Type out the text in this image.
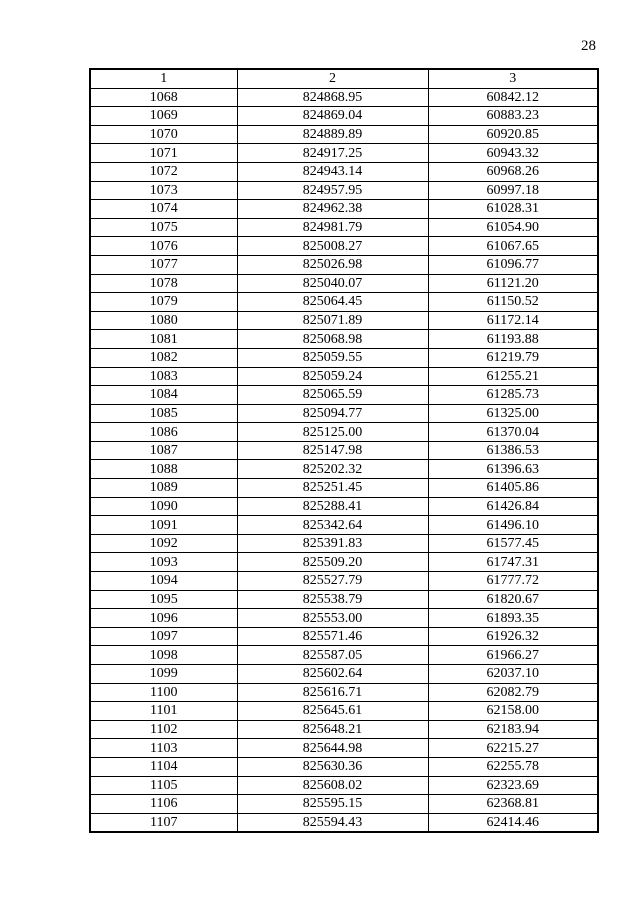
28
1	2	3
1068	824868.95	60842.12
1069	824869.04	60883.23
1070	824889.89	60920.85
1071	824917.25	60943.32
1072	824943.14	60968.26
1073	824957.95	60997.18
1074	824962.38	61028.31
1075	824981.79	61054.90
1076	825008.27	61067.65
1077	825026.98	61096.77
1078	825040.07	61121.20
1079	825064.45	61150.52
1080	825071.89	61172.14
1081	825068.98	61193.88
1082	825059.55	61219.79
1083	825059.24	61255.21
1084	825065.59	61285.73
1085	825094.77	61325.00
1086	825125.00	61370.04
1087	825147.98	61386.53
1088	825202.32	61396.63
1089	825251.45	61405.86
1090	825288.41	61426.84
1091	825342.64	61496.10
1092	825391.83	61577.45
1093	825509.20	61747.31
1094	825527.79	61777.72
1095	825538.79	61820.67
1096	825553.00	61893.35
1097	825571.46	61926.32
1098	825587.05	61966.27
1099	825602.64	62037.10
1100	825616.71	62082.79
1101	825645.61	62158.00
1102	825648.21	62183.94
1103	825644.98	62215.27
1104	825630.36	62255.78
1105	825608.02	62323.69
1106	825595.15	62368.81
1107	825594.43	62414.46
